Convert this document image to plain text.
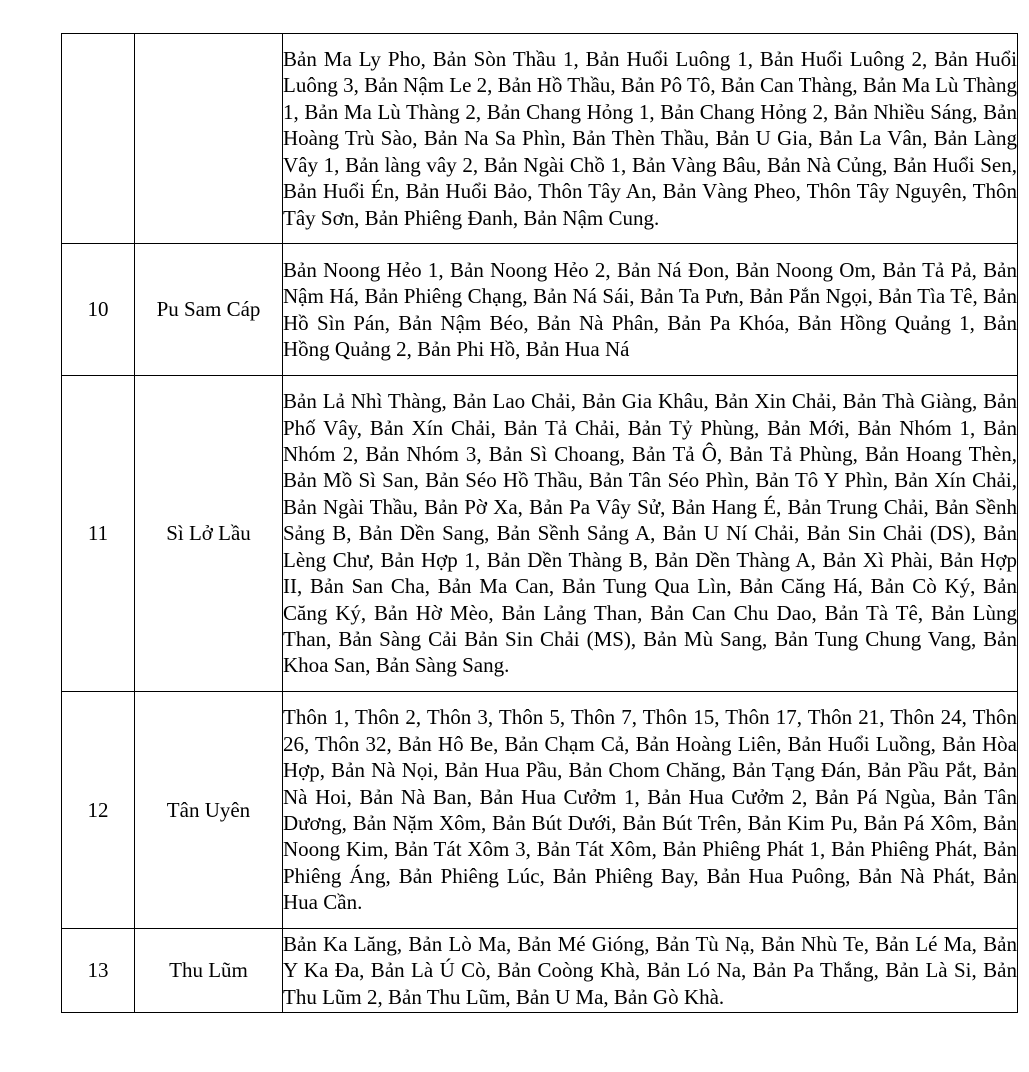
		Bản Ma Ly Pho, Bản Sòn Thầu 1, Bản Huổi Luông 1, Bản Huổi Luông 2, Bản Huổi Luông 3, Bản Nậm Le 2, Bản Hồ Thầu, Bản Pô Tô, Bản Can Thàng, Bản Ma Lù Thàng 1, Bản Ma Lù Thàng 2, Bản Chang Hỏng 1, Bản Chang Hỏng 2, Bản Nhiều Sáng, Bản Hoàng Trù Sào, Bản Na Sa Phìn, Bản Thèn Thầu, Bản U Gia, Bản La Vân, Bản Làng Vây 1, Bản làng vây 2, Bản Ngài Chồ 1, Bản Vàng Bâu, Bản Nà Củng, Bản Huổi Sen, Bản Huổi Én, Bản Huổi Bảo, Thôn Tây An, Bản Vàng Pheo, Thôn Tây Nguyên, Thôn Tây Sơn, Bản Phiêng Đanh, Bản Nậm Cung.
10	Pu Sam Cáp	Bản Noong Hẻo 1, Bản Noong Hẻo 2, Bản Ná Đon, Bản Noong Om, Bản Tả Pả, Bản Nậm Há, Bản Phiêng Chạng, Bản Ná Sái, Bản Ta Pưn, Bản Pắn Ngọi, Bản Tìa Tê, Bản Hồ Sìn Pán, Bản Nậm Béo, Bản Nà Phân, Bản Pa Khóa, Bản Hồng Quảng 1, Bản Hồng Quảng 2, Bản Phi Hồ, Bản Hua Ná
11	Sì Lở Lầu	Bản Lả Nhì Thàng, Bản Lao Chải, Bản Gia Khâu, Bản Xin Chải, Bản Thà Giàng, Bản Phố Vây, Bản Xín Chải, Bản Tả Chải, Bản Tỷ Phùng, Bản Mới, Bản Nhóm 1, Bản Nhóm 2, Bản Nhóm 3, Bản Sì Choang, Bản Tả Ô, Bản Tả Phùng, Bản Hoang Thèn, Bản Mồ Sì San, Bản Séo Hồ Thầu, Bản Tân Séo Phìn, Bản Tô Y Phìn, Bản Xín Chải, Bản Ngài Thầu, Bản Pờ Xa, Bản Pa Vây Sử, Bản Hang É, Bản Trung Chải, Bản Sềnh Sảng B, Bản Dền Sang, Bản Sềnh Sảng A, Bản U Ní Chải, Bản Sin Chải (DS), Bản Lèng Chư, Bản Hợp 1, Bản Dền Thàng B, Bản Dền Thàng A, Bản Xì Phài, Bản Hợp II, Bản San Cha, Bản Ma Can, Bản Tung Qua Lìn, Bản Căng Há, Bản Cò Ký, Bản Căng Ký, Bản Hờ Mèo, Bản Lảng Than, Bản Can Chu Dao, Bản Tà Tê, Bản Lùng Than, Bản Sàng Cải Bản Sin Chải (MS), Bản Mù Sang, Bản Tung Chung Vang, Bản Khoa San, Bản Sàng Sang.
12	Tân Uyên	Thôn 1, Thôn 2, Thôn 3, Thôn 5, Thôn 7, Thôn 15, Thôn 17, Thôn 21, Thôn 24, Thôn 26, Thôn 32, Bản Hô Be, Bản Chạm Cả, Bản Hoàng Liên, Bản Huổi Luồng, Bản Hòa Hợp, Bản Nà Nọi, Bản Hua Pầu, Bản Chom Chăng, Bản Tạng Đán, Bản Pầu Pắt, Bản Nà Hoi, Bản Nà Ban, Bản Hua Cưởm 1, Bản Hua Cưởm 2, Bản Pá Ngùa, Bản Tân Dương, Bản Nặm Xôm, Bản Bút Dưới, Bản Bút Trên, Bản Kim Pu, Bản Pá Xôm, Bản Noong Kim, Bản Tát Xôm 3, Bản Tát Xôm, Bản Phiêng Phát 1, Bản Phiêng Phát, Bản Phiêng Áng, Bản Phiêng Lúc, Bản Phiêng Bay, Bản Hua Puông, Bản Nà Phát, Bản Hua Cần.
13	Thu Lũm	Bản Ka Lăng, Bản Lò Ma, Bản Mé Gióng, Bản Tù Nạ, Bản Nhù Te, Bản Lé Ma, Bản Y Ka Đa, Bản Là Ú Cò, Bản Coòng Khà, Bản Ló Na, Bản Pa Thắng, Bản Là Si, Bản Thu Lũm 2, Bản Thu Lũm, Bản U Ma, Bản Gò Khà.
